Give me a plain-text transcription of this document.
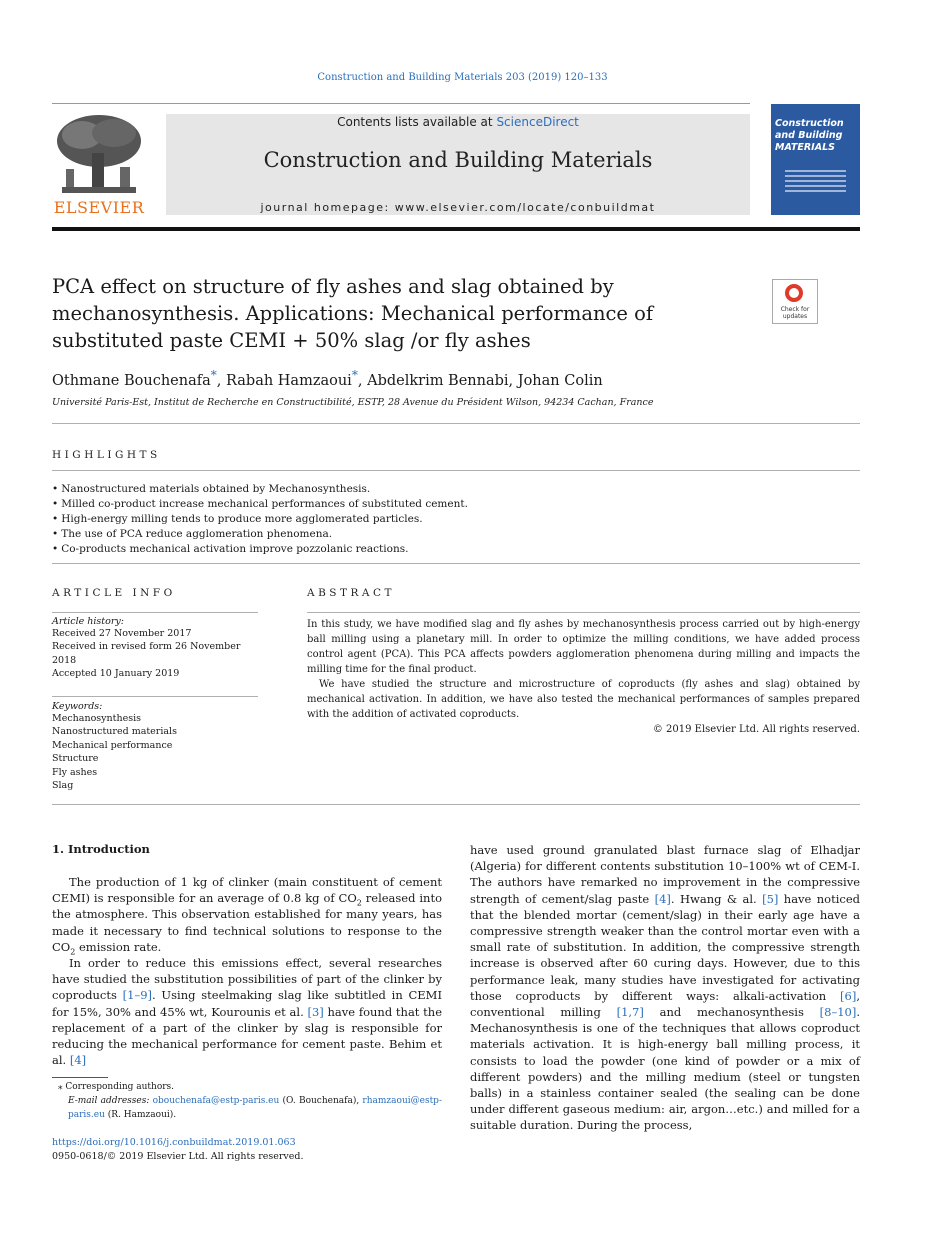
Construction and Building Materials 203 (2019) 120–133
ELSEVIER
Contents lists available at ScienceDirect
Construction and Building Materials
journal homepage: www.elsevier.com/locate/conbuildmat
Construction and Building MATERIALS
PCA effect on structure of fly ashes and slag obtained by mechanosynthesis. Applications: Mechanical performance of substituted paste CEMI + 50% slag /or fly ashes
Check for updates
Othmane Bouchenafa*, Rabah Hamzaoui*, Abdelkrim Bennabi, Johan Colin
Université Paris-Est, Institut de Recherche en Constructibilité, ESTP, 28 Avenue du Président Wilson, 94234 Cachan, France
HIGHLIGHTS
• Nanostructured materials obtained by Mechanosynthesis.
• Milled co-product increase mechanical performances of substituted cement.
• High-energy milling tends to produce more agglomerated particles.
• The use of PCA reduce agglomeration phenomena.
• Co-products mechanical activation improve pozzolanic reactions.
ARTICLE INFO
Article history:
Received 27 November 2017
Received in revised form 26 November 2018
Accepted 10 January 2019
Keywords:
Mechanosynthesis
Nanostructured materials
Mechanical performance
Structure
Fly ashes
Slag
ABSTRACT

In this study, we have modified slag and fly ashes by mechanosynthesis process carried out by high-energy ball milling using a planetary mill. In order to optimize the milling conditions, we have added process control agent (PCA). This PCA affects powders agglomeration phenomena during milling and impacts the milling time for the final product.

We have studied the structure and microstructure of coproducts (fly ashes and slag) obtained by mechanical activation. In addition, we have also tested the mechanical performances of samples prepared with the addition of activated coproducts.

© 2019 Elsevier Ltd. All rights reserved.

1. Introduction

The production of 1 kg of clinker (main constituent of cement CEMI) is responsible for an average of 0.8 kg of $CO_2$ released into the atmosphere. This observation established for many years, has made it necessary to find technical solutions to response to the $CO_2$ emission rate.

In order to reduce this emissions effect, several researches have studied the substitution possibilities of part of the clinker by coproducts [1–9]. Using steelmaking slag like subtitled in CEMI for 15%, 30% and 45% wt, Kourounis et al. [3] have found that the replacement of a part of the clinker by slag is responsible for reducing the mechanical performance for cement paste. Behim et al. [4]

have used ground granulated blast furnace slag of Elhadjar (Algeria) for different contents substitution 10–100% wt of CEM-I. The authors have remarked no improvement in the compressive strength of cement/slag paste [4]. Hwang & al. [5] have noticed that the blended mortar (cement/slag) in their early age have a compressive strength weaker than the control mortar even with a small rate of substitution. In addition, the compressive strength increase is observed after 60 curing days. However, due to this performance leak, many studies have investigated for activating those coproducts by different ways: alkali-activation [6], conventional milling [1,7] and mechanosynthesis [8–10]. Mechanosynthesis is one of the techniques that allows coproduct materials activation. It is high-energy ball milling process, it consists to load the powder (one kind of powder or a mix of different powders) and the milling medium (steel or tungsten balls) in a stainless container sealed (the sealing can be done under different gaseous medium: air, argon…etc.) and milled for a suitable duration. During the process,

⁎ Corresponding authors.
E-mail addresses: obouchenafa@estp-paris.eu (O. Bouchenafa), rhamzaoui@estp-paris.eu (R. Hamzaoui).
https://doi.org/10.1016/j.conbuildmat.2019.01.063
0950-0618/© 2019 Elsevier Ltd. All rights reserved.
